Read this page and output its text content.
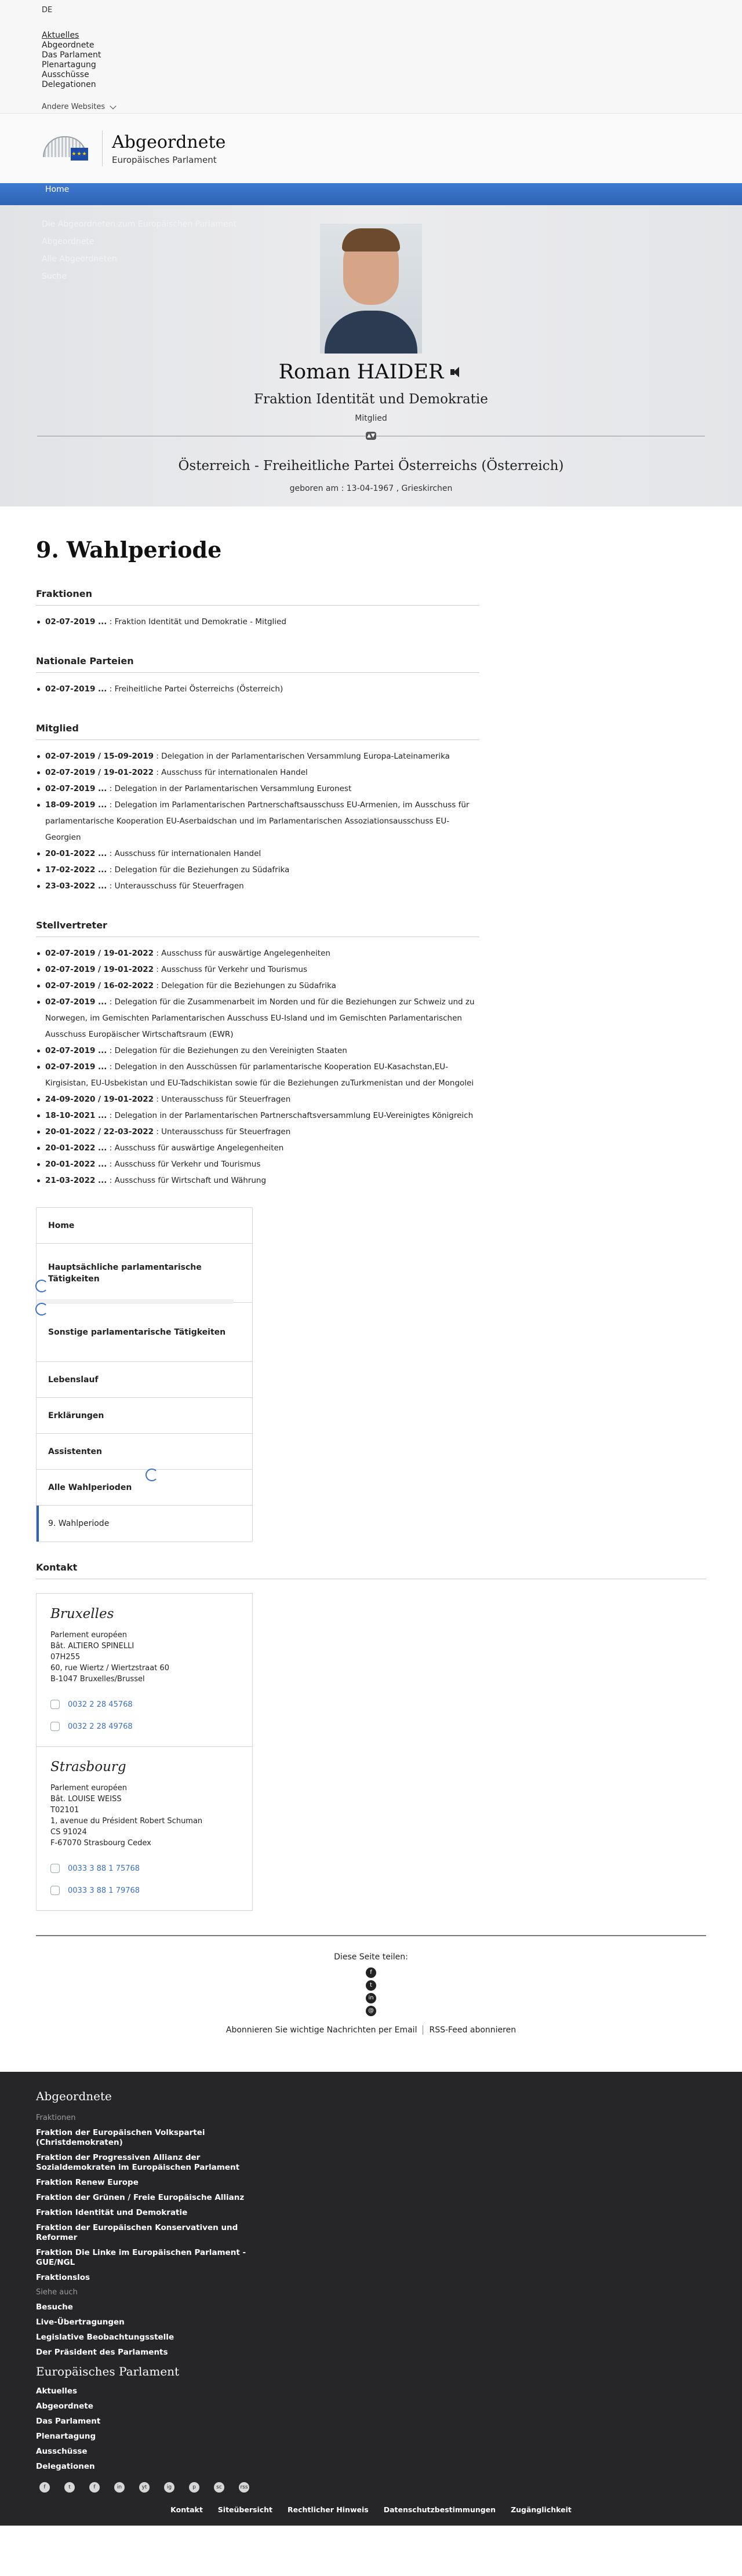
DE
Aktuelles
Abgeordnete
Das Parlament
Plenartagung
Ausschüsse
Delegationen
Andere Websites
★★★
Abgeordnete
Europäisches Parlament
Home
Die Abgeordneten zum Europäischen Parlament
Abgeordnete
Alle Abgeordneten
Suche
Roman HAIDER
Fraktion Identität und Demokratie
Mitglied
▲▼
Österreich - Freiheitliche Partei Österreichs (Österreich)
geboren am : 13-04-1967 , Grieskirchen
9. Wahlperiode
Fraktionen
02-07-2019 ... : Fraktion Identität und Demokratie - Mitglied
Nationale Parteien
02-07-2019 ... : Freiheitliche Partei Österreichs (Österreich)
Mitglied
02-07-2019 / 15-09-2019 : Delegation in der Parlamentarischen Versammlung Europa-Lateinamerika
02-07-2019 / 19-01-2022 : Ausschuss für internationalen Handel
02-07-2019 ... : Delegation in der Parlamentarischen Versammlung Euronest
18-09-2019 ... : Delegation im Parlamentarischen Partnerschaftsausschuss EU-Armenien, im Ausschuss für parlamentarische Kooperation EU-Aserbaidschan und im Parlamentarischen Assoziationsausschuss EU-Georgien
20-01-2022 ... : Ausschuss für internationalen Handel
17-02-2022 ... : Delegation für die Beziehungen zu Südafrika
23-03-2022 ... : Unterausschuss für Steuerfragen
Stellvertreter
02-07-2019 / 19-01-2022 : Ausschuss für auswärtige Angelegenheiten
02-07-2019 / 19-01-2022 : Ausschuss für Verkehr und Tourismus
02-07-2019 / 16-02-2022 : Delegation für die Beziehungen zu Südafrika
02-07-2019 ... : Delegation für die Zusammenarbeit im Norden und für die Beziehungen zur Schweiz und zu Norwegen, im Gemischten Parlamentarischen Ausschuss EU-Island und im Gemischten Parlamentarischen Ausschuss Europäischer Wirtschaftsraum (EWR)
02-07-2019 ... : Delegation für die Beziehungen zu den Vereinigten Staaten
02-07-2019 ... : Delegation in den Ausschüssen für parlamentarische Kooperation EU-Kasachstan,EU-Kirgisistan, EU-Usbekistan und EU-Tadschikistan sowie für die Beziehungen zuTurkmenistan und der Mongolei
24-09-2020 / 19-01-2022 : Unterausschuss für Steuerfragen
18-10-2021 ... : Delegation in der Parlamentarischen Partnerschaftsversammlung EU-Vereinigtes Königreich
20-01-2022 / 22-03-2022 : Unterausschuss für Steuerfragen
20-01-2022 ... : Ausschuss für auswärtige Angelegenheiten
20-01-2022 ... : Ausschuss für Verkehr und Tourismus
21-03-2022 ... : Ausschuss für Wirtschaft und Währung
Home
Hauptsächliche parlamentarische Tätigkeiten
Sonstige parlamentarische Tätigkeiten
Lebenslauf
Erklärungen
Assistenten
Alle Wahlperioden
9. Wahlperiode
Kontakt
Bruxelles
Parlement européen
Bât. ALTIERO SPINELLI
07H255
60, rue Wiertz / Wiertzstraat 60
B-1047 Bruxelles/Brussel
0032 2 28 45768
0032 2 28 49768
Strasbourg
Parlement européen
Bât. LOUISE WEISS
T02101
1, avenue du Président Robert Schuman
CS 91024
F-67070 Strasbourg Cedex
0033 3 88 1 75768
0033 3 88 1 79768
Diese Seite teilen:
f
t
in
@
Abonnieren Sie wichtige Nachrichten per Email	RSS-Feed abonnieren
Abgeordnete
Fraktionen
Fraktion der Europäischen Volkspartei (Christdemokraten)
Fraktion der Progressiven Allianz der Sozialdemokraten im Europäischen Parlament
Fraktion Renew Europe
Fraktion der Grünen / Freie Europäische Allianz
Fraktion Identität und Demokratie
Fraktion der Europäischen Konservativen und Reformer
Fraktion Die Linke im Europäischen Parlament - GUE/NGL
Fraktionslos
Siehe auch
Besuche
Live-Übertragungen
Legislative Beobachtungsstelle
Der Präsident des Parlaments
Europäisches Parlament
Aktuelles
Abgeordnete
Das Parlament
Plenartagung
Ausschüsse
Delegationen
f	t	f	in	yt	ig	p	sc	rss
Kontakt Siteübersicht Rechtlicher Hinweis Datenschutzbestimmungen Zugänglichkeit
